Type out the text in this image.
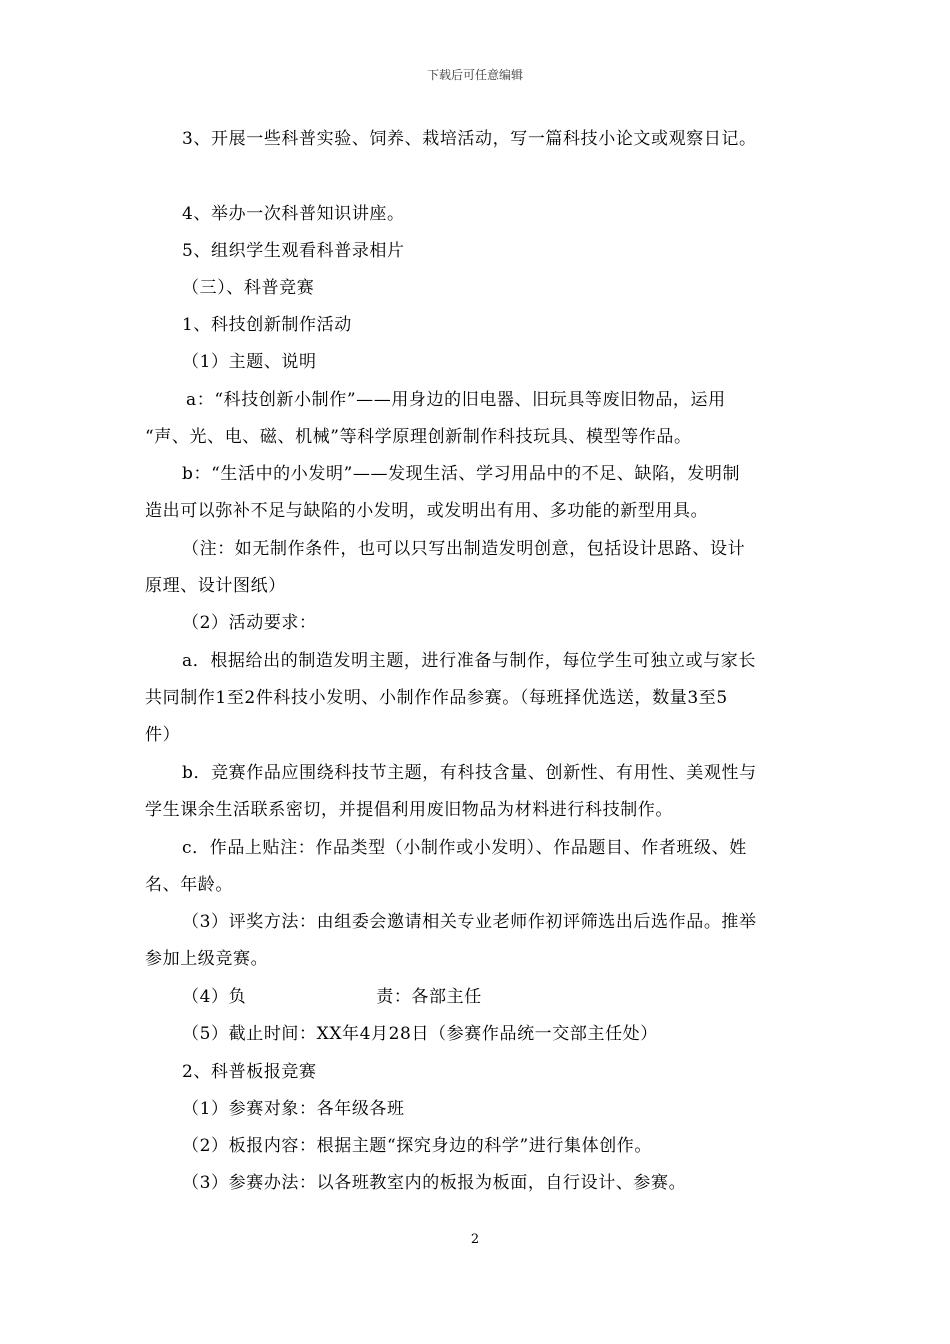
下载后可任意编辑
3、开展一些科普实验、饲养、栽培活动，写一篇科技小论文或观察日记。
4、举办一次科普知识讲座。
5、组织学生观看科普录相片
（三）、科普竞赛
1、科技创新制作活动
（1）主题、说明
a：“科技创新小制作”——用身边的旧电器、旧玩具等废旧物品，运用
“声、光、电、磁、机械”等科学原理创新制作科技玩具、模型等作品。
b：“生活中的小发明”——发现生活、学习用品中的不足、缺陷，发明制
造出可以弥补不足与缺陷的小发明，或发明出有用、多功能的新型用具。
（注：如无制作条件，也可以只写出制造发明创意，包括设计思路、设计
原理、设计图纸）
（2）活动要求：
a．根据给出的制造发明主题，进行准备与制作，每位学生可独立或与家长
共同制作1至2件科技小发明、小制作作品参赛。（每班择优选送，数量3至5
件）
b．竞赛作品应围绕科技节主题，有科技含量、创新性、有用性、美观性与
学生课余生活联系密切，并提倡利用废旧物品为材料进行科技制作。
c．作品上贴注：作品类型（小制作或小发明）、作品题目、作者班级、姓
名、年龄。
（3）评奖方法：由组委会邀请相关专业老师作初评筛选出后选作品。推举
参加上级竞赛。
（4）负	责：各部主任
（5）截止时间：XX年4月28日（参赛作品统一交部主任处）
2、科普板报竞赛
（1）参赛对象：各年级各班
（2）板报内容：根据主题“探究身边的科学”进行集体创作。
（3）参赛办法：以各班教室内的板报为板面，自行设计、参赛。
2
